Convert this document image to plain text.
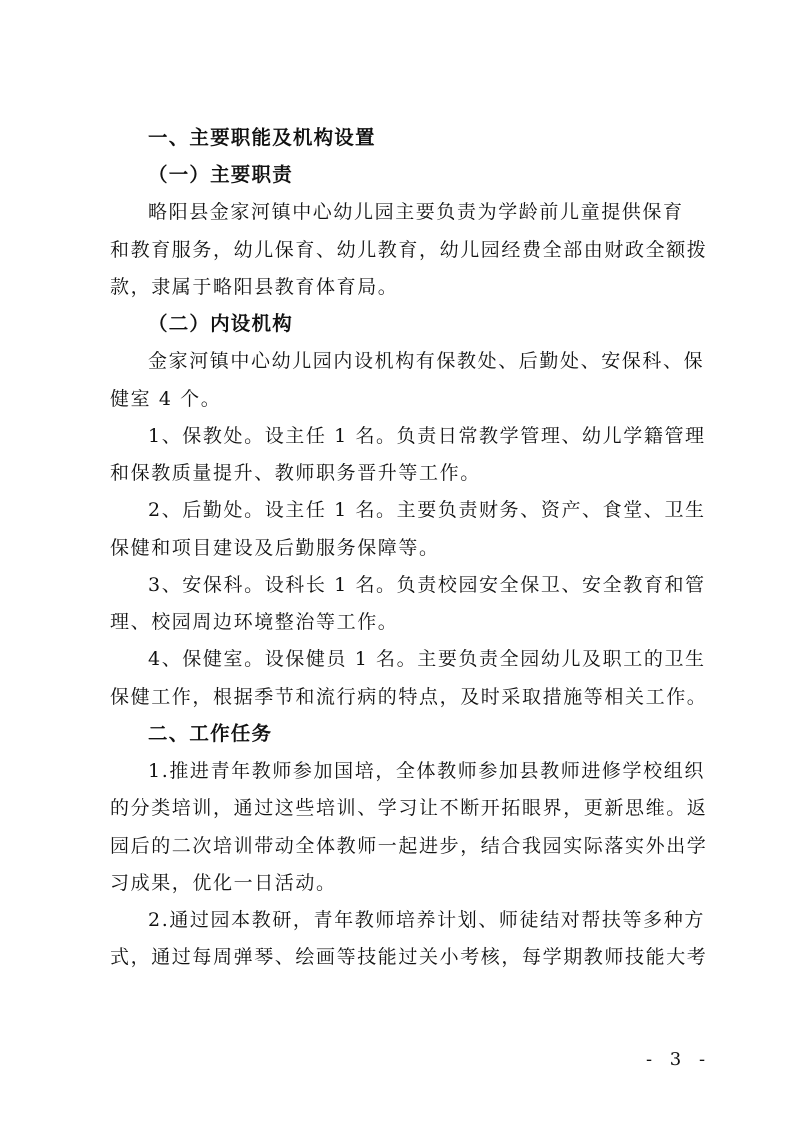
一、主要职能及机构设置
（一）主要职责
略阳县金家河镇中心幼儿园主要负责为学龄前儿童提供保育
和教育服务，幼儿保育、幼儿教育，幼儿园经费全部由财政全额拨
款，隶属于略阳县教育体育局。
（二）内设机构
金家河镇中心幼儿园内设机构有保教处、后勤处、安保科、保
健室 4 个。
1、保教处。设主任 1 名。负责日常教学管理、幼儿学籍管理
和保教质量提升、教师职务晋升等工作。
2、后勤处。设主任 1 名。主要负责财务、资产、食堂、卫生
保健和项目建设及后勤服务保障等。
3、安保科。设科长 1 名。负责校园安全保卫、安全教育和管
理、校园周边环境整治等工作。
4、保健室。设保健员 1 名。主要负责全园幼儿及职工的卫生
保健工作，根据季节和流行病的特点，及时采取措施等相关工作。
二、工作任务
1.推进青年教师参加国培，全体教师参加县教师进修学校组织
的分类培训，通过这些培训、学习让不断开拓眼界，更新思维。返
园后的二次培训带动全体教师一起进步，结合我园实际落实外出学
习成果，优化一日活动。
2.通过园本教研，青年教师培养计划、师徒结对帮扶等多种方
式，通过每周弹琴、绘画等技能过关小考核，每学期教师技能大考
- 3 -
